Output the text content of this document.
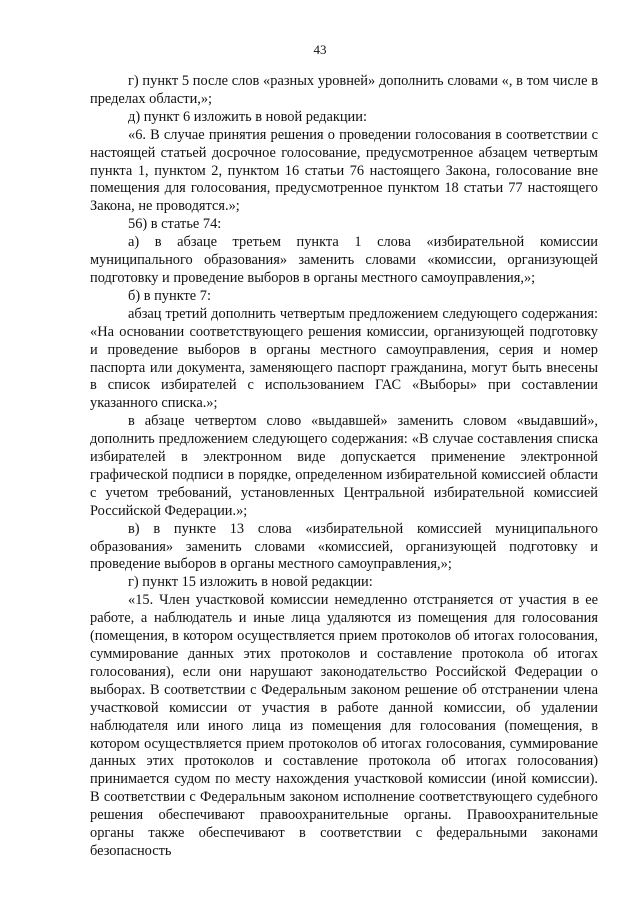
43

г) пункт 5 после слов «разных уровней» дополнить словами «, в том числе в пределах области,»;

д) пункт 6 изложить в новой редакции:

«6. В случае принятия решения о проведении голосования в соответствии с настоящей статьей досрочное голосование, предусмотренное абзацем четвертым пункта 1, пунктом 2, пунктом 16 статьи 76 настоящего Закона, голосование вне помещения для голосования, предусмотренное пунктом 18 статьи 77 настоящего Закона, не проводятся.»;

56) в статье 74:

а) в абзаце третьем пункта 1 слова «избирательной комиссии муниципального образования» заменить словами «комиссии, организующей подготовку и проведение выборов в органы местного самоуправления,»;

б) в пункте 7:

абзац третий дополнить четвертым предложением следующего содержания: «На основании соответствующего решения комиссии, организующей подготовку и проведение выборов в органы местного самоуправления, серия и номер паспорта или документа, заменяющего паспорт гражданина, могут быть внесены в список избирателей с использованием ГАС «Выборы» при составлении указанного списка.»;

в абзаце четвертом слово «выдавшей» заменить словом «выдавший», дополнить предложением следующего содержания: «В случае составления списка избирателей в электронном виде допускается применение электронной графической подписи в порядке, определенном избирательной комиссией области с учетом требований, установленных Центральной избирательной комиссией Российской Федерации.»;

в) в пункте 13 слова «избирательной комиссией муниципального образования» заменить словами «комиссией, организующей подготовку и проведение выборов в органы местного самоуправления,»;

г) пункт 15 изложить в новой редакции:

«15. Член участковой комиссии немедленно отстраняется от участия в ее работе, а наблюдатель и иные лица удаляются из помещения для голосования (помещения, в котором осуществляется прием протоколов об итогах голосования, суммирование данных этих протоколов и составление протокола об итогах голосования), если они нарушают законодательство Российской Федерации о выборах. В соответствии с Федеральным законом решение об отстранении члена участковой комиссии от участия в работе данной комиссии, об удалении наблюдателя или иного лица из помещения для голосования (помещения, в котором осуществляется прием протоколов об итогах голосования, суммирование данных этих протоколов и составление протокола об итогах голосования) принимается судом по месту нахождения участковой комиссии (иной комиссии). В соответствии с Федеральным законом исполнение соответствующего судебного решения обеспечивают правоохранительные органы. Правоохранительные органы также обеспечивают в соответствии с федеральными законами безопасность
